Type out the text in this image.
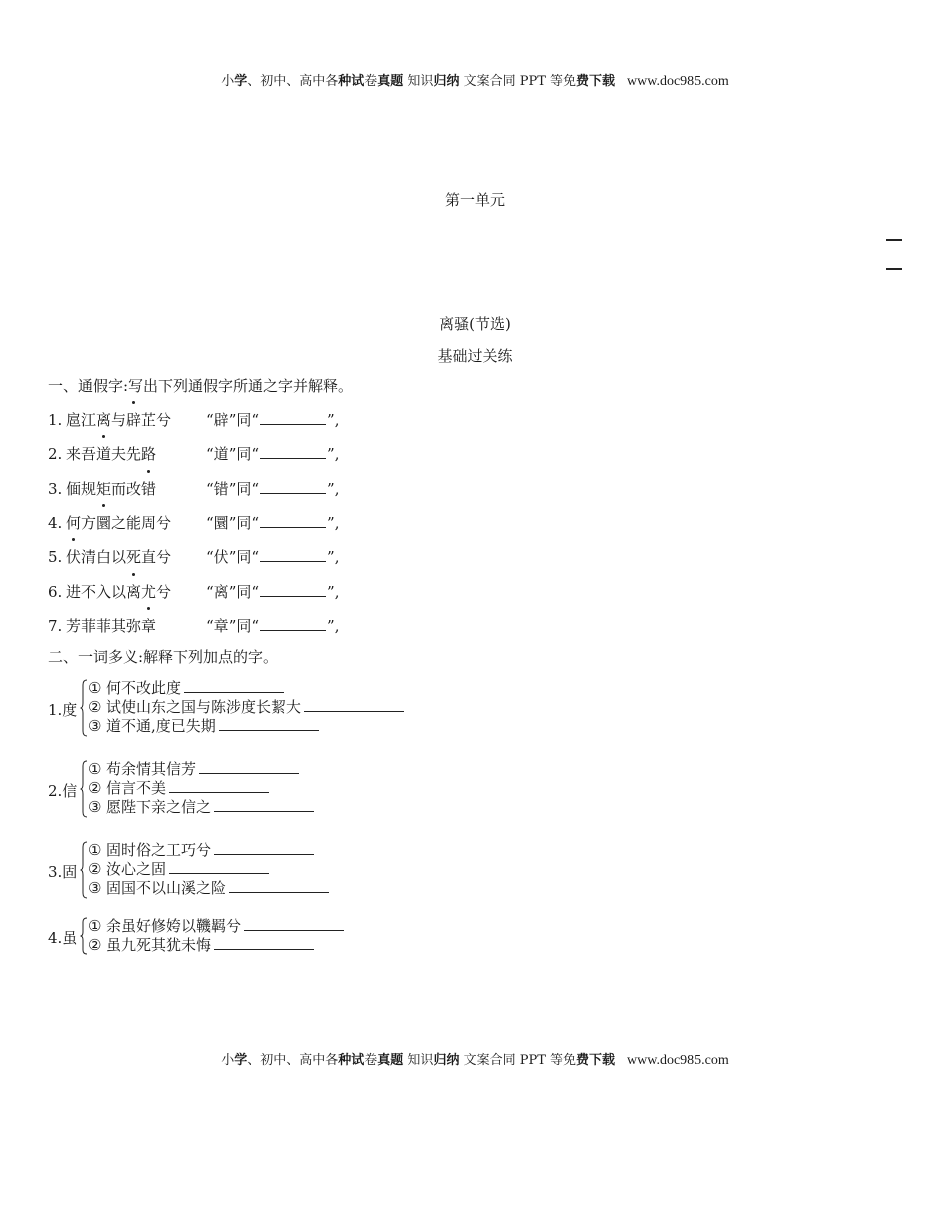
小学、初中、高中各种试卷真题 知识归纳 文案合同 PPT 等免费下载 www.doc985.com
第一单元
离骚(节选)
基础过关练
一、通假字:写出下列通假字所通之字并解释。
1. 扈江离与辟芷兮 “辟”同“	”,
2. 来吾道夫先路	“道”同“	”,
3. 偭规矩而改错	“错”同“	”,
4. 何方圜之能周兮 “圜”同“	”,
5. 伏清白以死直兮 “伏”同“	”,
6. 进不入以离尤兮 “离”同“	”,
7. 芳菲菲其弥章	“章”同“	”,
二、一词多义:解释下列加点的字。
1.度
① 何不改此度
② 试使山东之国与陈涉度长絜大
③ 道不通,度已失期
2.信
① 苟余情其信芳
② 信言不美
③ 愿陛下亲之信之
3.固
① 固时俗之工巧兮
② 汝心之固
③ 固国不以山溪之险
4.虽
① 余虽好修姱以鞿羁兮
② 虽九死其犹未悔
小学、初中、高中各种试卷真题 知识归纳 文案合同 PPT 等免费下载 www.doc985.com
